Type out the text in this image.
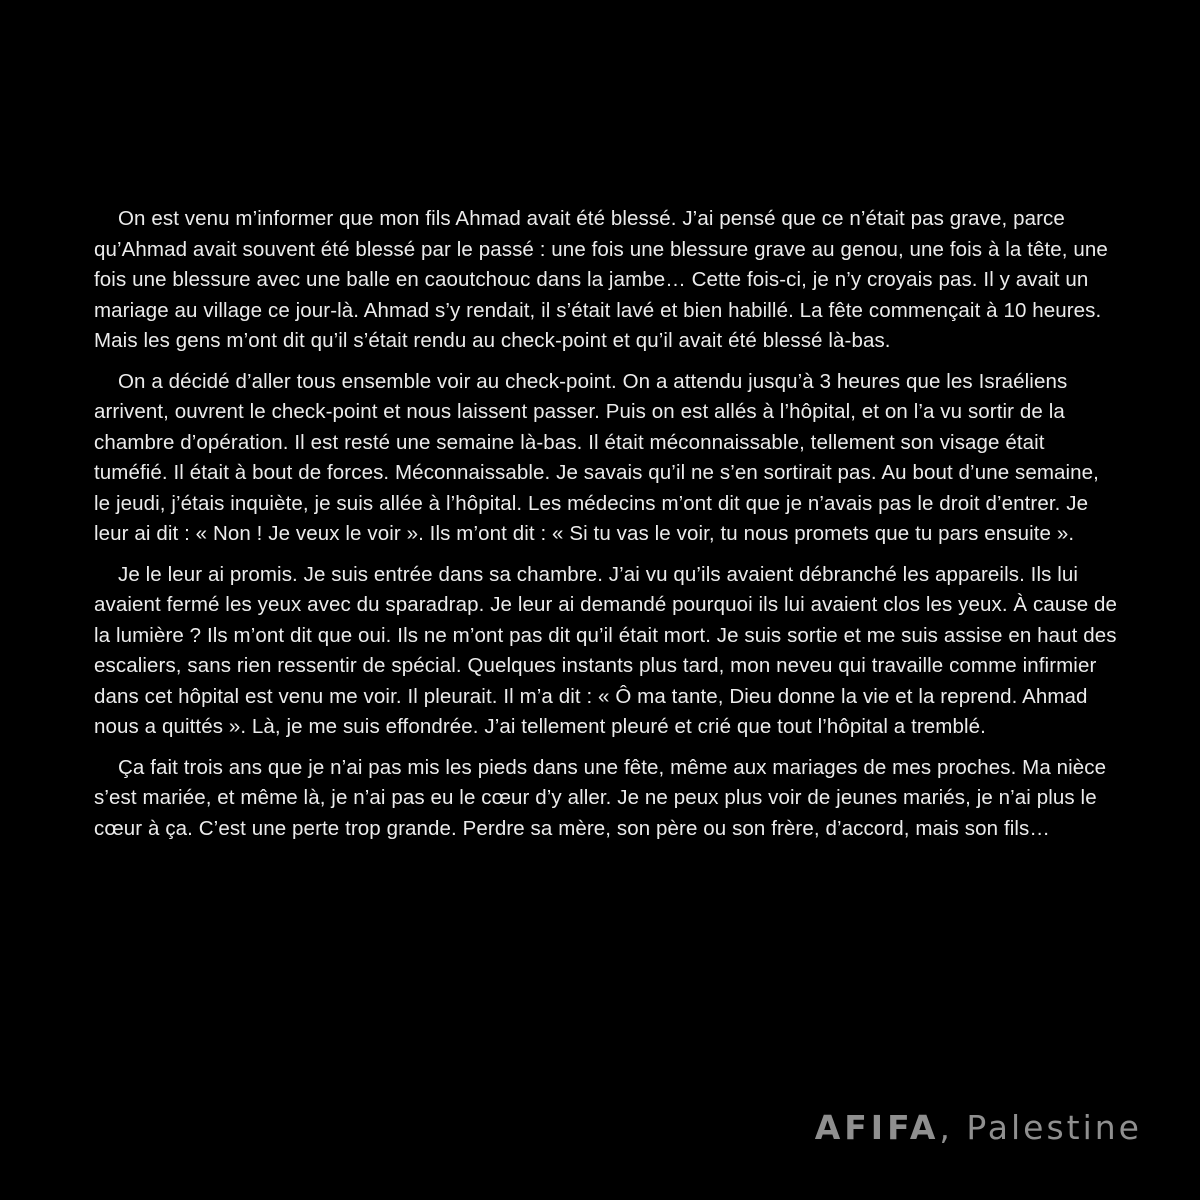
On est venu m’informer que mon fils Ahmad avait été blessé. J’ai pensé que ce n’était pas grave, parce qu’Ahmad avait souvent été blessé par le passé : une fois une blessure grave au genou, une fois à la tête, une fois une blessure avec une balle en caoutchouc dans la jambe… Cette fois-ci, je n’y croyais pas. Il y avait un mariage au village ce jour-là. Ahmad s’y rendait, il s’était lavé et bien habillé. La fête commençait à 10 heures. Mais les gens m’ont dit qu’il s’était rendu au check-point et qu’il avait été blessé là-bas.

On a décidé d’aller tous ensemble voir au check-point. On a attendu jusqu’à 3 heures que les Israéliens arrivent, ouvrent le check-point et nous laissent passer. Puis on est allés à l’hôpital, et on l’a vu sortir de la chambre d’opération. Il est resté une semaine là-bas. Il était méconnaissable, tellement son visage était tuméfié. Il était à bout de forces. Méconnaissable. Je savais qu’il ne s’en sortirait pas. Au bout d’une semaine, le jeudi, j’étais inquiète, je suis allée à l’hôpital. Les médecins m’ont dit que je n’avais pas le droit d’entrer. Je leur ai dit : « Non ! Je veux le voir ». Ils m’ont dit : « Si tu vas le voir, tu nous promets que tu pars ensuite ».

Je le leur ai promis. Je suis entrée dans sa chambre. J’ai vu qu’ils avaient débranché les appareils. Ils lui avaient fermé les yeux avec du sparadrap. Je leur ai demandé pourquoi ils lui avaient clos les yeux. À cause de la lumière ? Ils m’ont dit que oui. Ils ne m’ont pas dit qu’il était mort. Je suis sortie et me suis assise en haut des escaliers, sans rien ressentir de spécial. Quelques instants plus tard, mon neveu qui travaille comme infirmier dans cet hôpital est venu me voir. Il pleurait. Il m’a dit : « Ô ma tante, Dieu donne la vie et la reprend. Ahmad nous a quittés ». Là, je me suis effondrée. J’ai tellement pleuré et crié que tout l’hôpital a tremblé.

Ça fait trois ans que je n’ai pas mis les pieds dans une fête, même aux mariages de mes proches. Ma nièce s’est mariée, et même là, je n’ai pas eu le cœur d’y aller. Je ne peux plus voir de jeunes mariés, je n’ai plus le cœur à ça. C’est une perte trop grande. Perdre sa mère, son père ou son frère, d’accord, mais son fils…

AFIFA, Palestine
